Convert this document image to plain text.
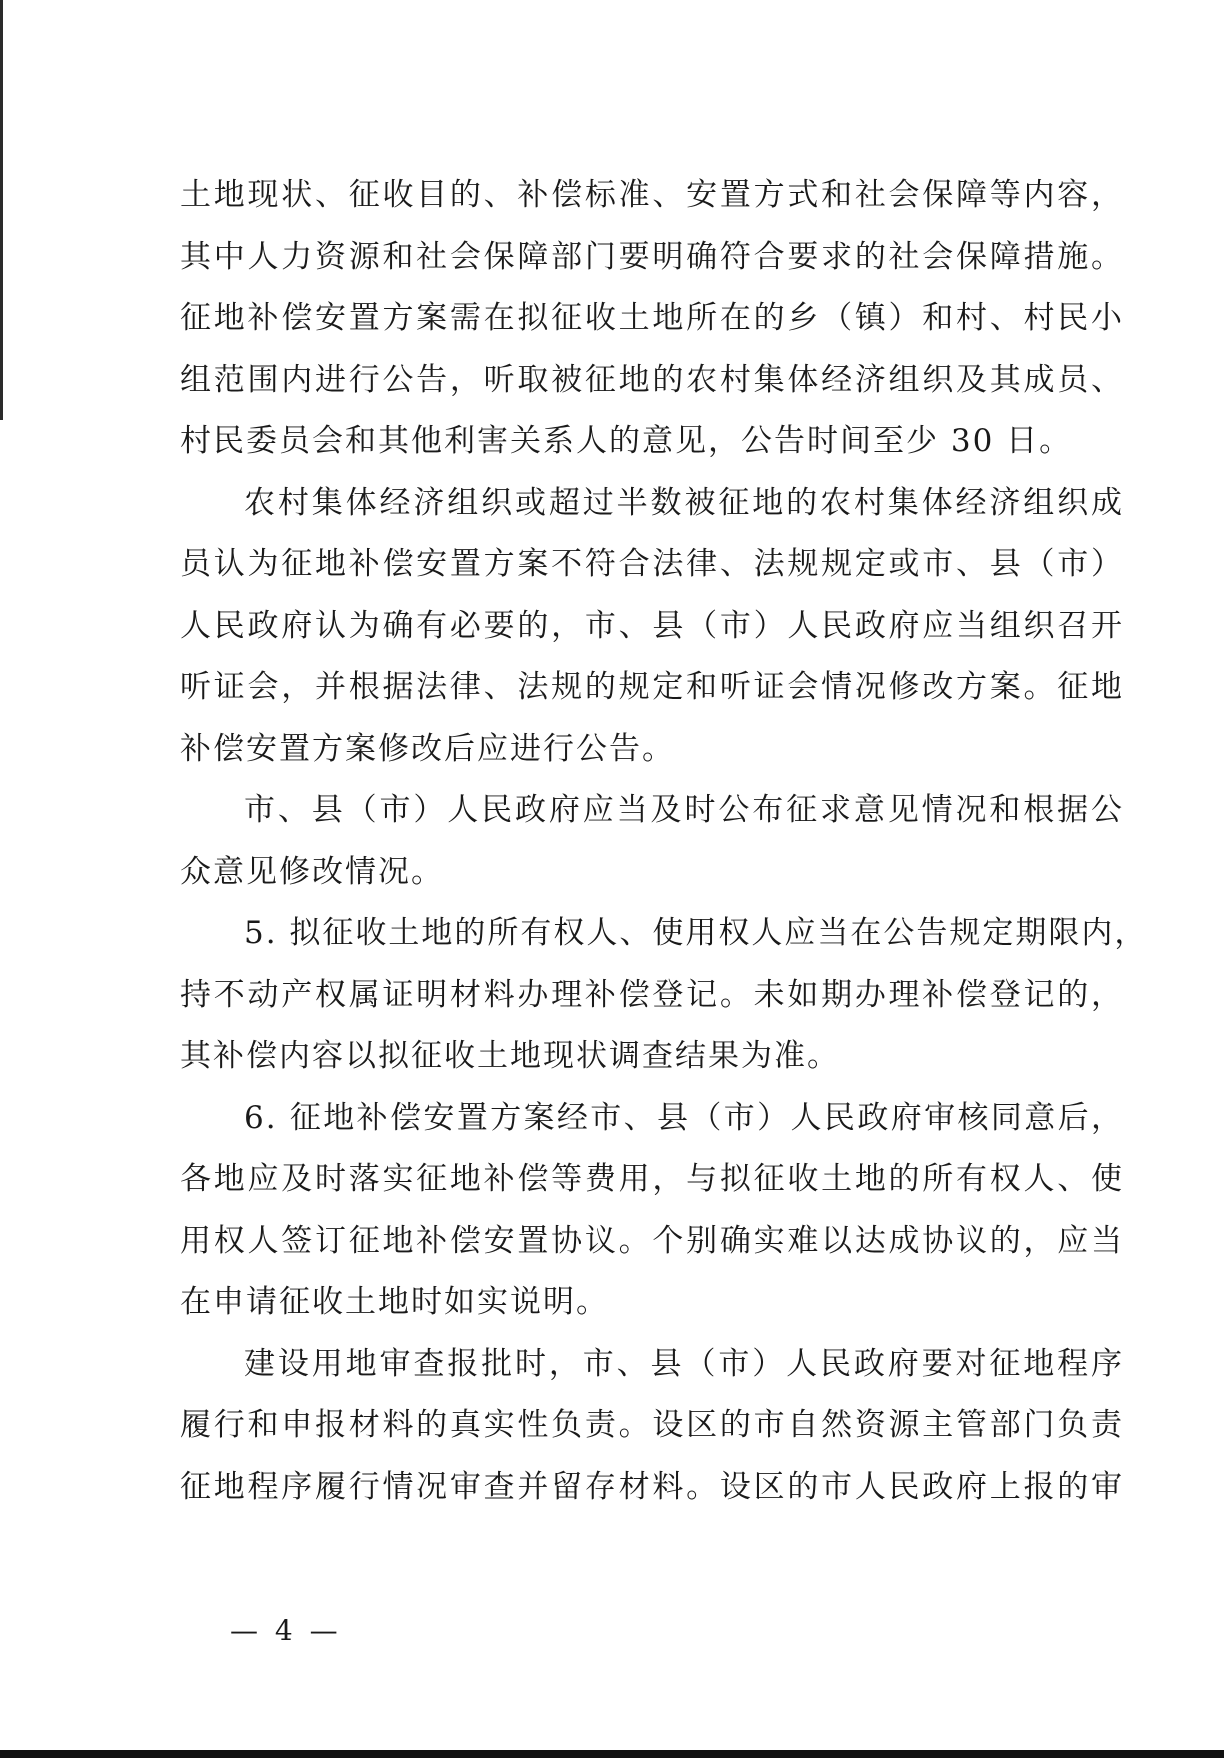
土地现状、征收目的、补偿标准、安置方式和社会保障等内容，
其中人力资源和社会保障部门要明确符合要求的社会保障措施。
征地补偿安置方案需在拟征收土地所在的乡（镇）和村、村民小
组范围内进行公告，听取被征地的农村集体经济组织及其成员、
村民委员会和其他利害关系人的意见，公告时间至少 30 日。
农村集体经济组织或超过半数被征地的农村集体经济组织成
员认为征地补偿安置方案不符合法律、法规规定或市、县（市）
人民政府认为确有必要的，市、县（市）人民政府应当组织召开
听证会，并根据法律、法规的规定和听证会情况修改方案。征地
补偿安置方案修改后应进行公告。
市、县（市）人民政府应当及时公布征求意见情况和根据公
众意见修改情况。
5. 拟征收土地的所有权人、使用权人应当在公告规定期限内，
持不动产权属证明材料办理补偿登记。未如期办理补偿登记的，
其补偿内容以拟征收土地现状调查结果为准。
6. 征地补偿安置方案经市、县（市）人民政府审核同意后，
各地应及时落实征地补偿等费用，与拟征收土地的所有权人、使
用权人签订征地补偿安置协议。个别确实难以达成协议的，应当
在申请征收土地时如实说明。
建设用地审查报批时，市、县（市）人民政府要对征地程序
履行和申报材料的真实性负责。设区的市自然资源主管部门负责
征地程序履行情况审查并留存材料。设区的市人民政府上报的审
— 4 —
